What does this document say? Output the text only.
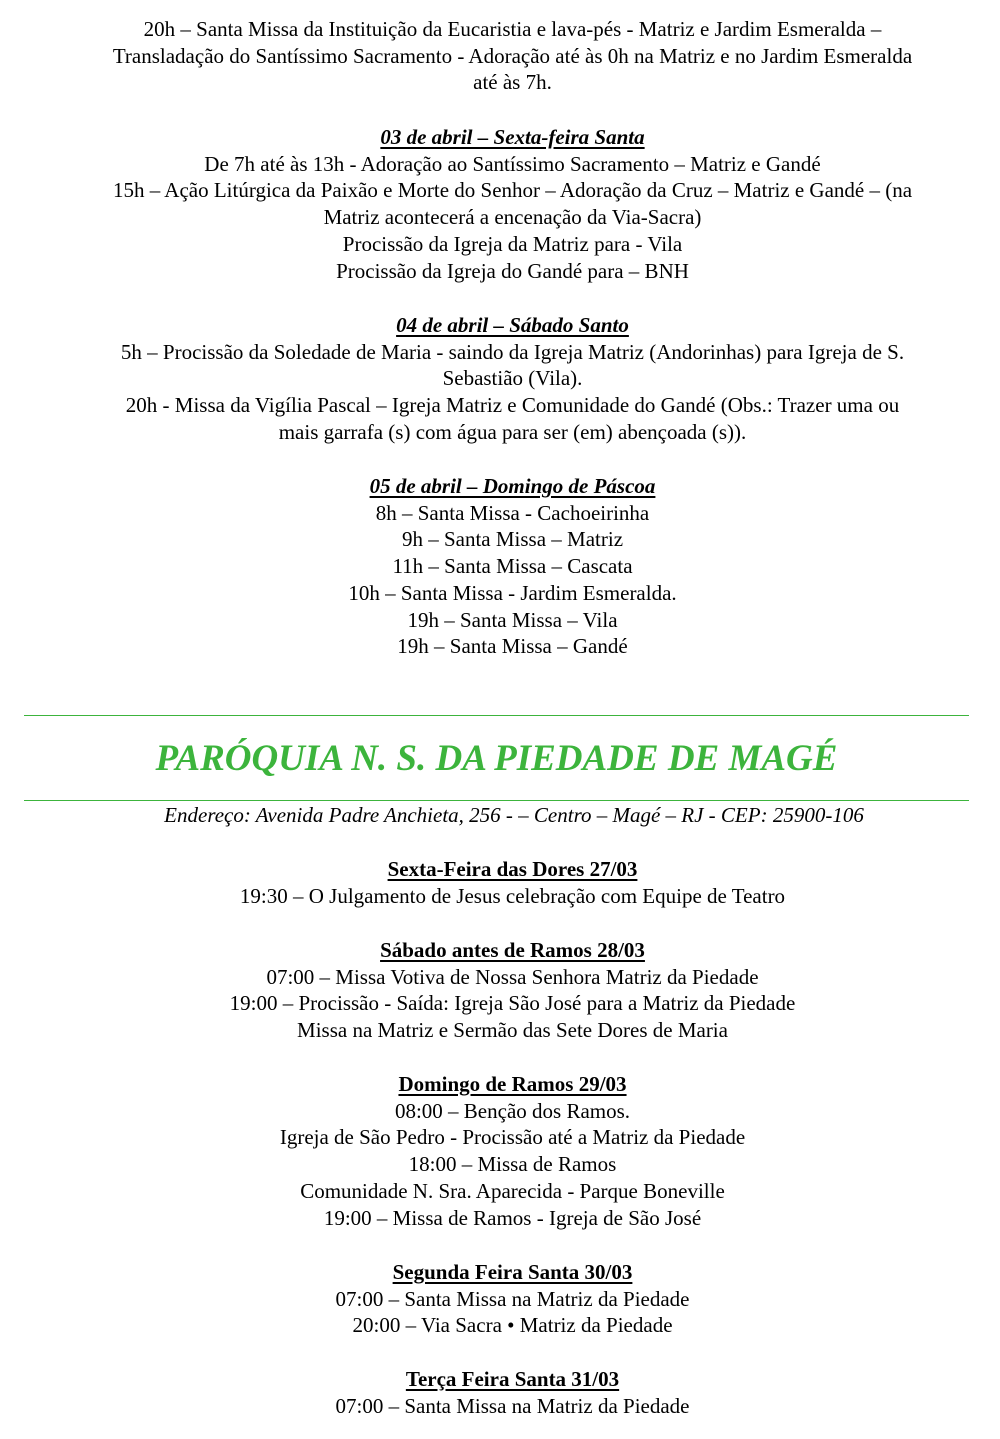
20h – Santa Missa da Instituição da Eucaristia e lava-pés - Matriz e Jardim Esmeralda –
Transladação do Santíssimo Sacramento - Adoração até às 0h na Matriz e no Jardim Esmeralda
até às 7h.
03 de abril – Sexta-feira Santa
De 7h até às 13h - Adoração ao Santíssimo Sacramento – Matriz e Gandé
15h – Ação Litúrgica da Paixão e Morte do Senhor – Adoração da Cruz – Matriz e Gandé – (na
Matriz acontecerá a encenação da Via-Sacra)
Procissão da Igreja da Matriz para - Vila
Procissão da Igreja do Gandé para – BNH
04 de abril – Sábado Santo
5h – Procissão da Soledade de Maria - saindo da Igreja Matriz (Andorinhas) para Igreja de S.
Sebastião (Vila).
20h - Missa da Vigília Pascal – Igreja Matriz e Comunidade do Gandé (Obs.: Trazer uma ou
mais garrafa (s) com água para ser (em) abençoada (s)).
05 de abril – Domingo de Páscoa
8h – Santa Missa - Cachoeirinha
9h – Santa Missa – Matriz
11h – Santa Missa – Cascata
10h – Santa Missa - Jardim Esmeralda.
19h – Santa Missa – Vila
19h – Santa Missa – Gandé
PARÓQUIA N. S. DA PIEDADE DE MAGÉ
Endereço: Avenida Padre Anchieta, 256 - – Centro – Magé – RJ - CEP: 25900-106
Sexta-Feira das Dores 27/03
19:30 – O Julgamento de Jesus celebração com Equipe de Teatro
Sábado antes de Ramos 28/03
07:00 – Missa Votiva de Nossa Senhora Matriz da Piedade
19:00 – Procissão - Saída: Igreja São José para a Matriz da Piedade
Missa na Matriz e Sermão das Sete Dores de Maria
Domingo de Ramos 29/03
08:00 – Benção dos Ramos.
Igreja de São Pedro - Procissão até a Matriz da Piedade
18:00 – Missa de Ramos
Comunidade N. Sra. Aparecida - Parque Boneville
19:00 – Missa de Ramos - Igreja de São José
Segunda Feira Santa 30/03
07:00 – Santa Missa na Matriz da Piedade
20:00 – Via Sacra • Matriz da Piedade
Terça Feira Santa 31/03
07:00 – Santa Missa na Matriz da Piedade
